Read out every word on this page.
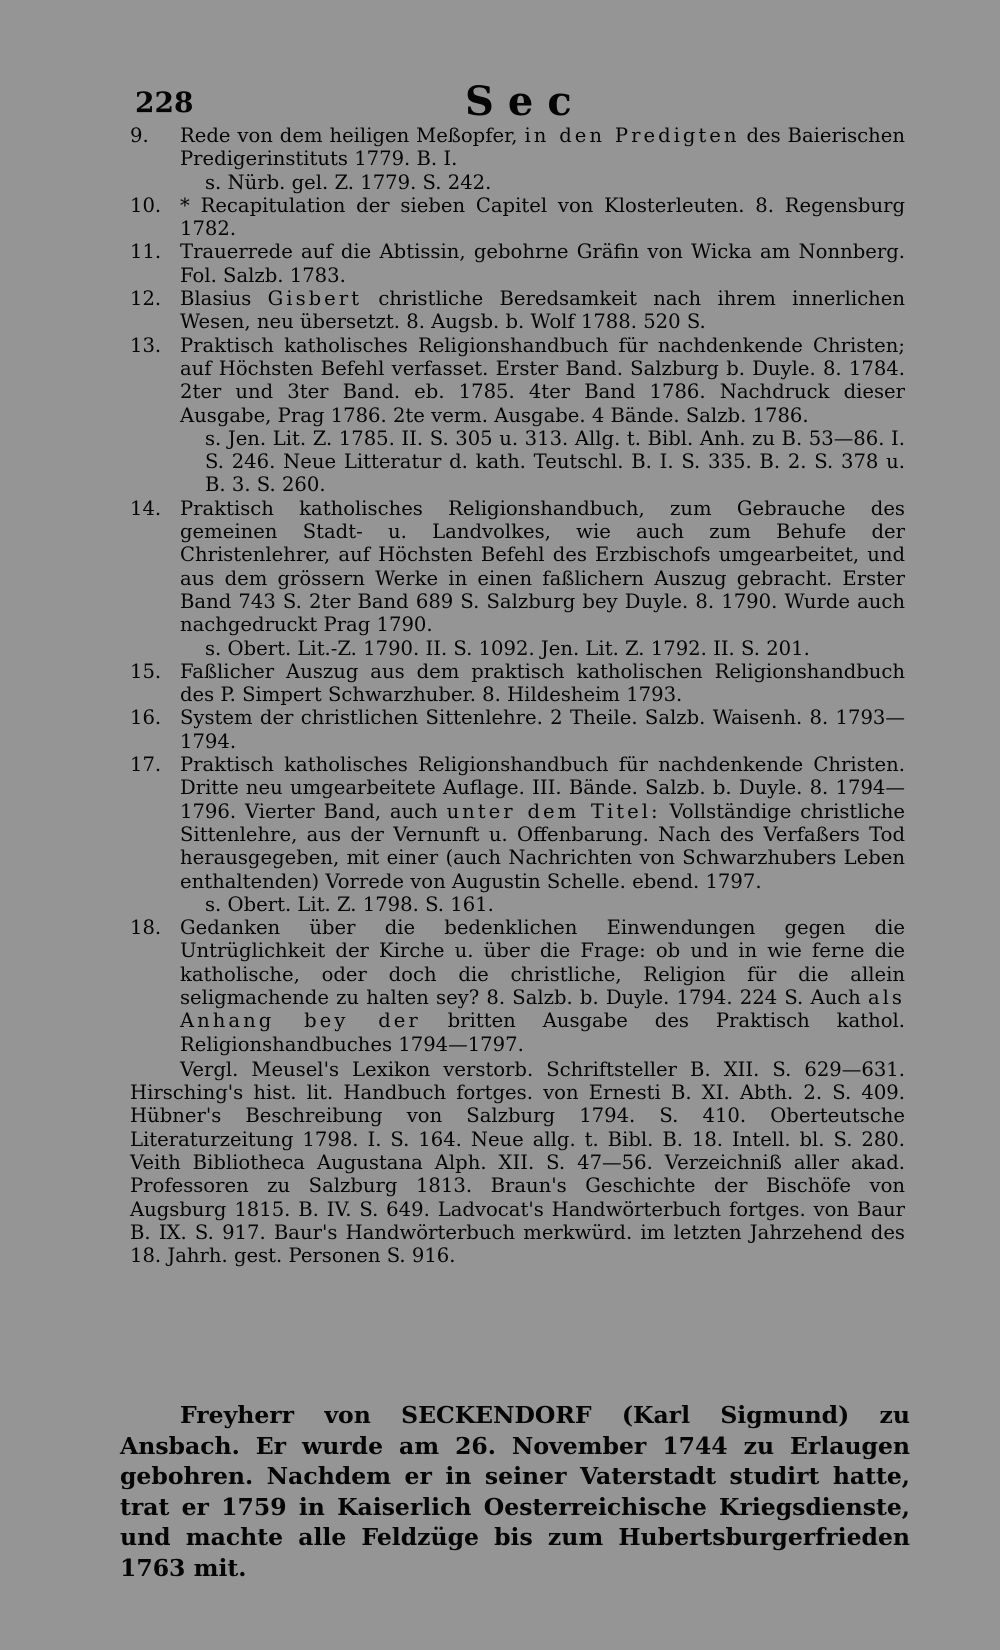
228	Sec
9. Rede von dem heiligen Meßopfer, in den Predigten des Baierischen Predigerinstituts 1779. B. I.
s. Nürb. gel. Z. 1779. S. 242.
10. * Recapitulation der sieben Capitel von Klosterleuten. 8. Regensburg 1782.
11. Trauerrede auf die Abtissin, gebohrne Gräfin von Wicka am Nonnberg. Fol. Salzb. 1783.
12. Blasius Gisbert christliche Beredsamkeit nach ihrem innerlichen Wesen, neu übersetzt. 8. Augsb. b. Wolf 1788. 520 S.
13. Praktisch katholisches Religionshandbuch für nachdenkende Christen; auf Höchsten Befehl verfasset. Erster Band. Salzburg b. Duyle. 8. 1784. 2ter und 3ter Band. eb. 1785. 4ter Band 1786. Nachdruck dieser Ausgabe, Prag 1786. 2te verm. Ausgabe. 4 Bände. Salzb. 1786.
s. Jen. Lit. Z. 1785. II. S. 305 u. 313. Allg. t. Bibl. Anh. zu B. 53—86. I. S. 246. Neue Litteratur d. kath. Teutschl. B. I. S. 335. B. 2. S. 378 u. B. 3. S. 260.
14. Praktisch katholisches Religionshandbuch, zum Gebrauche des gemeinen Stadt- u. Landvolkes, wie auch zum Behufe der Christenlehrer, auf Höchsten Befehl des Erzbischofs umgearbeitet, und aus dem grössern Werke in einen faßlichern Auszug gebracht. Erster Band 743 S. 2ter Band 689 S. Salzburg bey Duyle. 8. 1790. Wurde auch nachgedruckt Prag 1790.
s. Obert. Lit.-Z. 1790. II. S. 1092. Jen. Lit. Z. 1792. II. S. 201.
15. Faßlicher Auszug aus dem praktisch katholischen Religionshandbuch des P. Simpert Schwarzhuber. 8. Hildesheim 1793.
16. System der christlichen Sittenlehre. 2 Theile. Salzb. Waisenh. 8. 1793—1794.
17. Praktisch katholisches Religionshandbuch für nachdenkende Christen. Dritte neu umgearbeitete Auflage. III. Bände. Salzb. b. Duyle. 8. 1794—1796. Vierter Band, auch unter dem Titel: Vollständige christliche Sittenlehre, aus der Vernunft u. Offenbarung. Nach des Verfaßers Tod herausgegeben, mit einer (auch Nachrichten von Schwarzhubers Leben enthaltenden) Vorrede von Augustin Schelle. ebend. 1797.
s. Obert. Lit. Z. 1798. S. 161.
18. Gedanken über die bedenklichen Einwendungen gegen die Untrüglichkeit der Kirche u. über die Frage: ob und in wie ferne die katholische, oder doch die christliche, Religion für die allein seligmachende zu halten sey? 8. Salzb. b. Duyle. 1794. 224 S. Auch als Anhang bey der britten Ausgabe des Praktisch kathol. Religionshandbuches 1794—1797.
Vergl. Meusel's Lexikon verstorb. Schriftsteller B. XII. S. 629—631. Hirsching's hist. lit. Handbuch fortges. von Ernesti B. XI. Abth. 2. S. 409. Hübner's Beschreibung von Salzburg 1794. S. 410. Oberteutsche Literaturzeitung 1798. I. S. 164. Neue allg. t. Bibl. B. 18. Intell. bl. S. 280. Veith Bibliotheca Augustana Alph. XII. S. 47—56. Verzeichniß aller akad. Professoren zu Salzburg 1813. Braun's Geschichte der Bischöfe von Augsburg 1815. B. IV. S. 649. Ladvocat's Handwörterbuch fortges. von Baur B. IX. S. 917. Baur's Handwörterbuch merkwürd. im letzten Jahrzehend des 18. Jahrh. gest. Personen S. 916.
Freyherr von SECKENDORF (Karl Sigmund) zu Ansbach. Er wurde am 26. November 1744 zu Erlaugen gebohren. Nachdem er in seiner Vaterstadt studirt hatte, trat er 1759 in Kaiserlich Oesterreichische Kriegsdienste, und machte alle Feldzüge bis zum Hubertsburgerfrieden 1763 mit.
